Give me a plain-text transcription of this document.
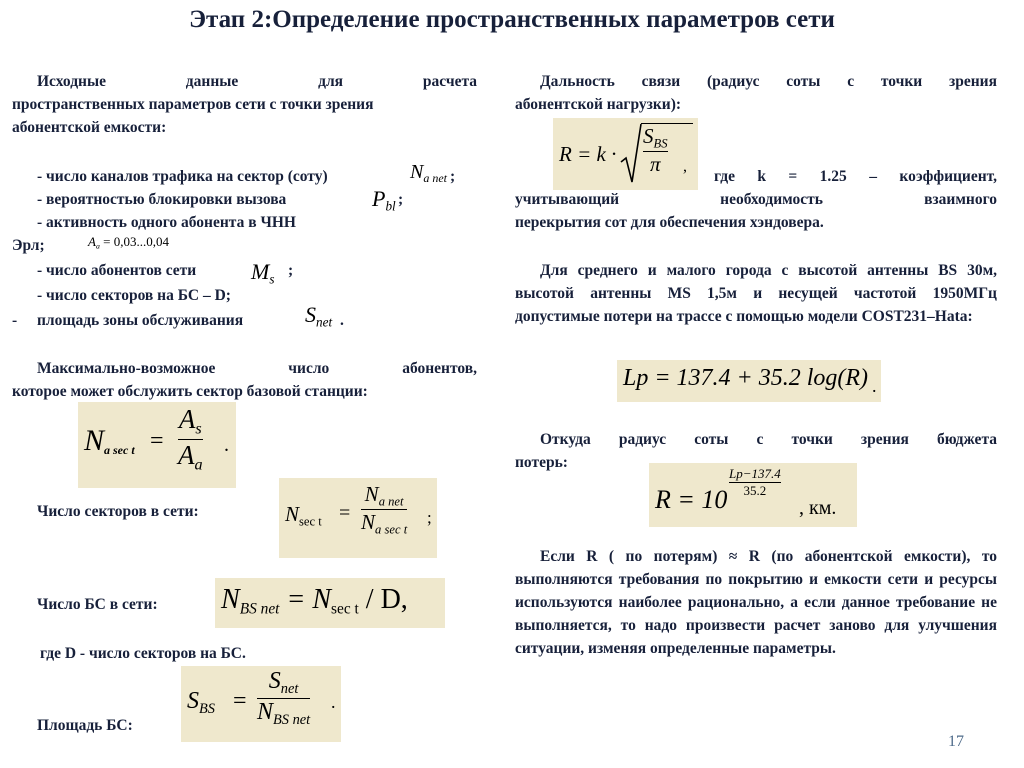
Этап 2:Определение пространственных параметров сети
Исходные данные для расчета
пространственных параметров сети с точки зрения
абонентской емкости:
- число каналов трафика на сектор (соту)	$N_{a net}$ ;
- вероятностью блокировки вызова	$P_{bl}$ ;
- активность одного абонента в ЧНН
Эрл;	$A_a = 0,03...0,04$
- число абонентов сети $M_s$
;
- число секторов на БС – D;
- площадь зоны обслуживания	$S_{net}$ .
Максимально-возможное число абонентов,
которое может обслужить сектор базовой станции:
$N_{a sec t}$ =
$A_s$
$A_a$
.
Число секторов в сети:	$N_{sec t}$ =
$N_{a net}$
$N_{a sec t}$
;
Число БС в сети: $N_{BS net} = N_{sec t} / D$,
где D - число секторов на БС.
Площадь БС:
$S_{BS}$ =
$S_{net}$
$N_{BS net}$
.
Дальность связи (радиус соты с точки зрения
абонентской нагрузки):
R = k ·
$S_{BS}$
π ,
где k = 1.25 – коэффициент,
учитывающий необходимость взаимного
перекрытия сот для обеспечения хэндовера.
Для среднего и малого города с высотой антенны BS 30м, высотой антенны MS 1,5м и несущей частотой 1950МГц допустимые потери на трассе с помощью модели COST231–Hata:
Lp = 137.4 + 35.2 log(R) .
Откуда радиус соты с точки зрения бюджета
потерь:
R = 10
Lp−137.4
35.2
, км.
Если R ( по потерям) ≈ R (по абонентской емкости), то выполняются требования по покрытию и емкости сети и ресурсы используются наиболее рационально, а если данное требование не выполняется, то надо произвести расчет заново для улучшения ситуации, изменяя определенные параметры.
17
